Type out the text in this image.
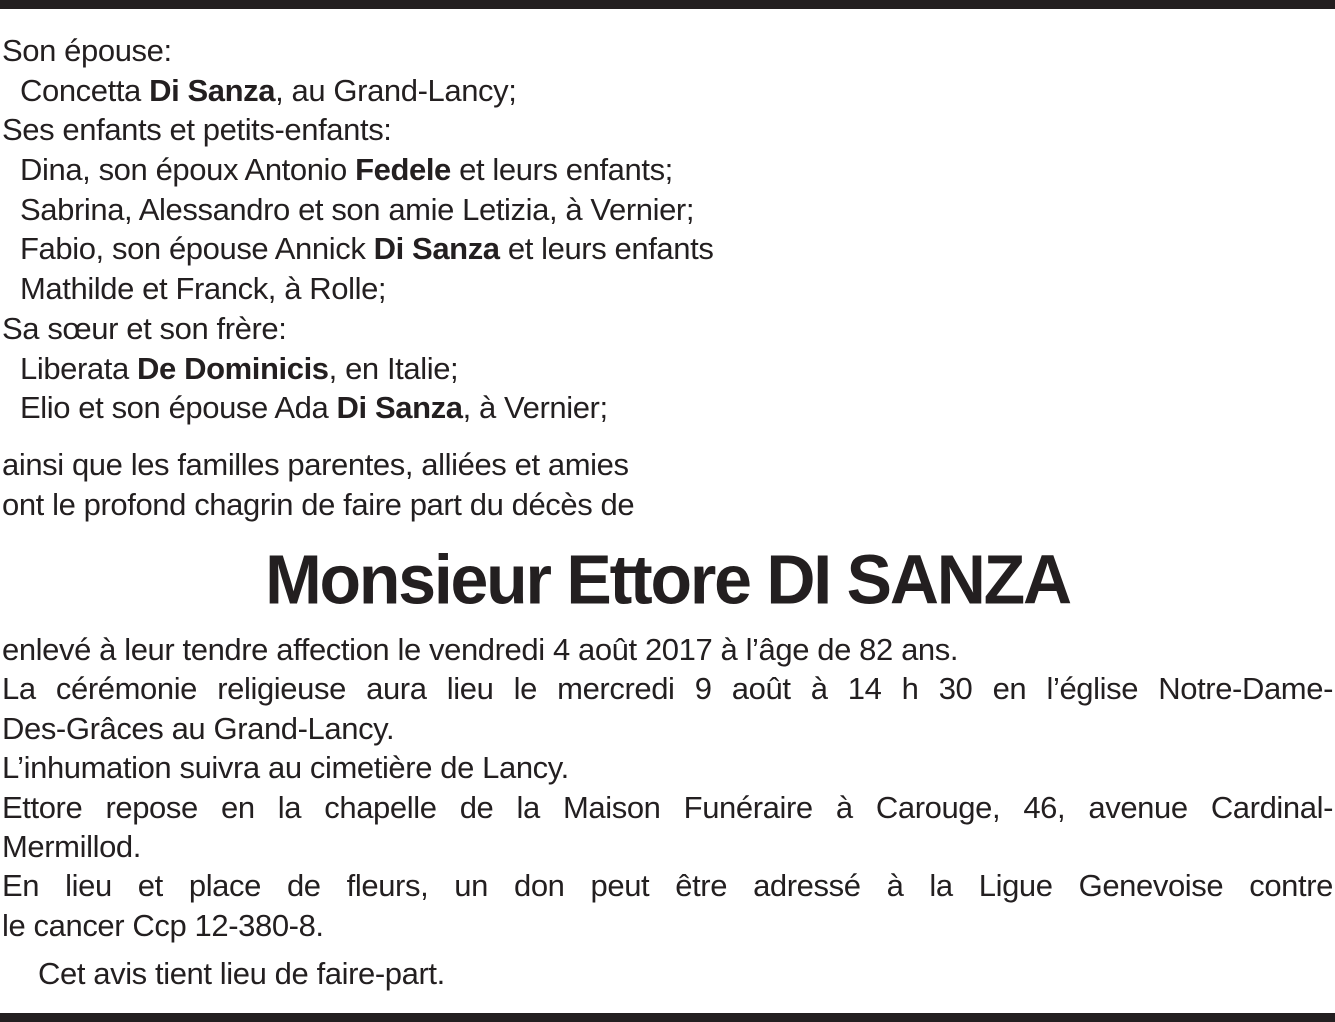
Son épouse:
Concetta Di Sanza, au Grand-Lancy;
Ses enfants et petits-enfants:
Dina, son époux Antonio Fedele et leurs enfants;
Sabrina, Alessandro et son amie Letizia, à Vernier;
Fabio, son épouse Annick Di Sanza et leurs enfants
Mathilde et Franck, à Rolle;
Sa sœur et son frère:
Liberata De Dominicis, en Italie;
Elio et son épouse Ada Di Sanza, à Vernier;
ainsi que les familles parentes, alliées et amies
ont le profond chagrin de faire part du décès de
Monsieur Ettore DI SANZA
enlevé à leur tendre affection le vendredi 4 août 2017 à l’âge de 82 ans.
La cérémonie religieuse aura lieu le mercredi 9 août à 14 h 30 en l’église Notre-Dame-
Des-Grâces au Grand-Lancy.
L’inhumation suivra au cimetière de Lancy.
Ettore repose en la chapelle de la Maison Funéraire à Carouge, 46, avenue Cardinal-
Mermillod.
En lieu et place de fleurs, un don peut être adressé à la Ligue Genevoise contre
le cancer Ccp 12-380-8.
Cet avis tient lieu de faire-part.
